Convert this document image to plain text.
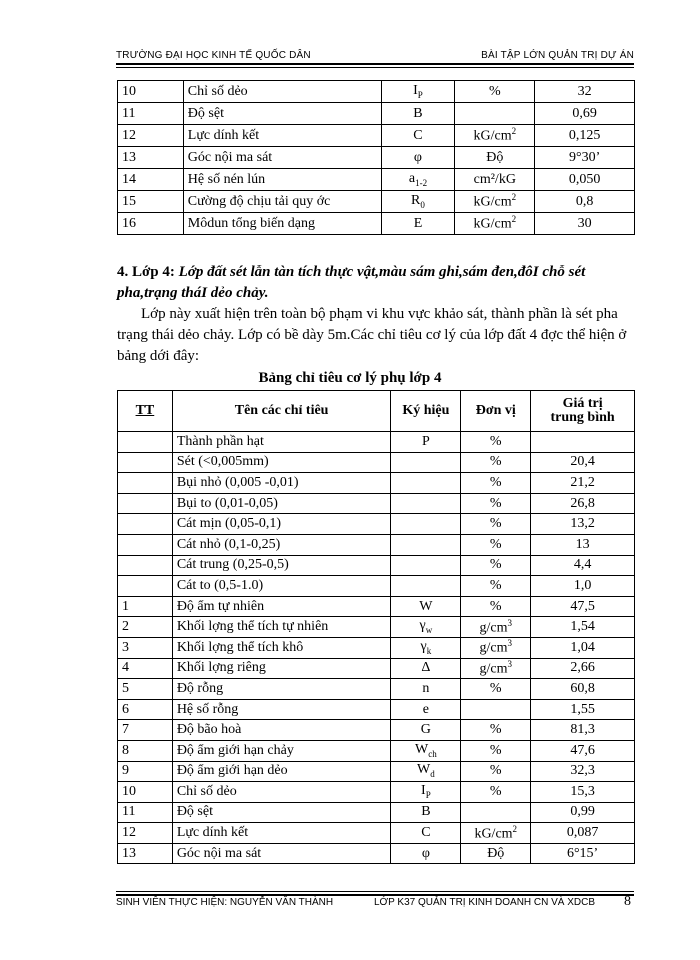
TRƯỜNG ĐẠI HỌC KINH TẾ QUỐC DÂN	BÀI TẬP LỚN QUẢN TRỊ DỰ ÁN
10	Chỉ số dẻo	$I_P$	%	32
11	Độ sệt	B		0,69
12	Lực dính kết	C	$kG/cm^2$	0,125
13	Góc nội ma sát	φ	Độ	9°30’
14	Hệ số nén lún	$a_{1-2}$	cm²/kG	0,050
15	Cường độ chịu tải quy ớc	$R_0$	$kG/cm^2$	0,8
16	Môdun tổng biến dạng	E	$kG/cm^2$	30
4. Lớp 4: Lớp đất sét lẫn tàn tích thực vật,màu sám ghi,sám đen,đôI chỗ sét pha,trạng tháI dẻo chảy.
Lớp này xuất hiện trên toàn bộ phạm vi khu vực khảo sát, thành phần là sét pha trạng thái dẻo chảy. Lớp có bề dày 5m.Các chỉ tiêu cơ lý của lớp đất 4 đợc thể hiện ở bảng dới đây:
Bảng chỉ tiêu cơ lý phụ lớp 4
TT	Tên các chỉ tiêu	Ký hiệu	Đơn vị	Giá trị
trung bình
	Thành phần hạt	P	%	
	Sét (<0,005mm)		%	20,4
	Bụi nhỏ (0,005 -0,01)		%	21,2
	Bụi to (0,01-0,05)		%	26,8
	Cát mịn (0,05-0,1)		%	13,2
	Cát nhỏ (0,1-0,25)		%	13
	Cát trung (0,25-0,5)		%	4,4
	Cát to (0,5-1.0)		%	1,0
1	Độ ẩm tự nhiên	W	%	47,5
2	Khối lợng thể tích tự nhiên	$\gamma_w$	$g/cm^3$	1,54
3	Khối lợng thể tích khô	$\gamma_k$	$g/cm^3$	1,04
4	Khối lợng riêng	Δ	$g/cm^3$	2,66
5	Độ rỗng	n	%	60,8
6	Hệ số rỗng	e		1,55
7	Độ bão hoà	G	%	81,3
8	Độ ẩm giới hạn chảy	$W_{ch}$	%	47,6
9	Độ ẩm giới hạn dẻo	$W_d$	%	32,3
10	Chỉ số dẻo	$I_P$	%	15,3
11	Độ sệt	B		0,99
12	Lực dính kết	C	$kG/cm^2$	0,087
13	Góc nội ma sát	φ	Độ	6°15’
SINH VIÊN THỰC HIỆN: NGUYỄN VĂN THÀNH	LỚP K37 QUẢN TRỊ KINH DOANH CN VÀ XDCB 8
